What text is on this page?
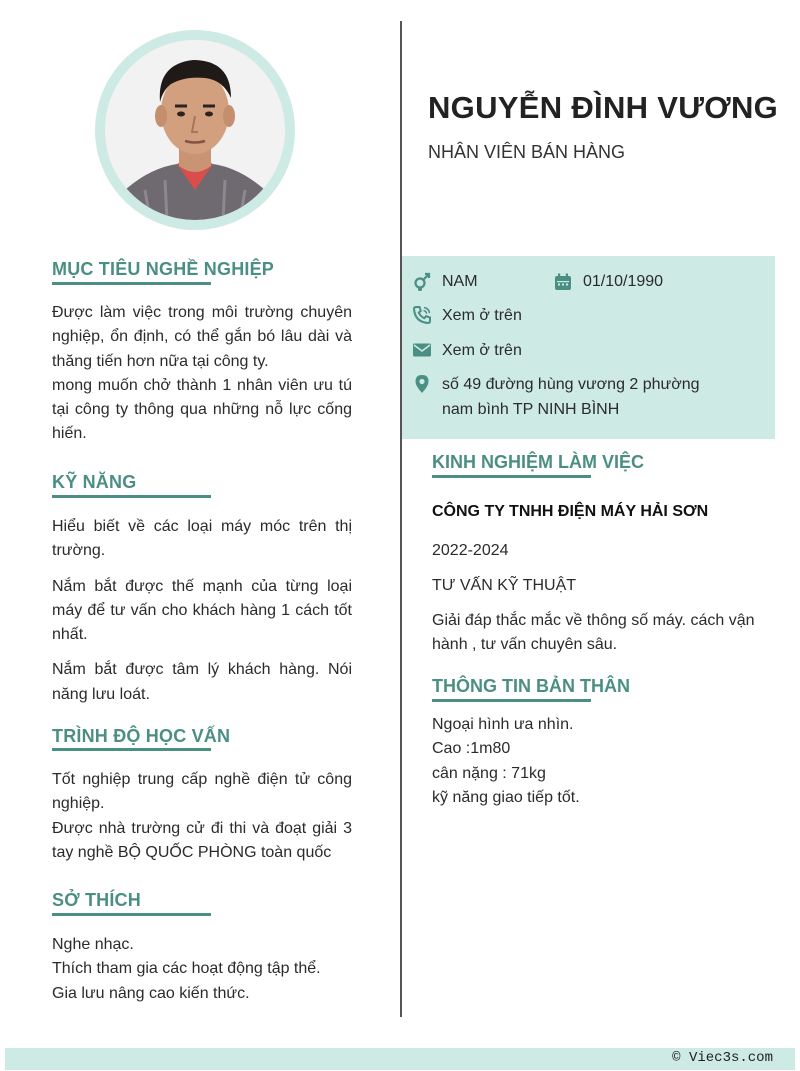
MỤC TIÊU NGHỀ NGHIỆP

Được làm việc trong môi trường chuyên nghiệp, ổn định, có thể gắn bó lâu dài và thăng tiến hơn nữa tại công ty.

mong muốn chở thành 1 nhân viên ưu tú tại công ty thông qua những nỗ lực cống hiến.

KỸ NĂNG

Hiểu biết về các loại máy móc trên thị trường.

Nắm bắt được thế mạnh của từng loại máy để tư vấn cho khách hàng 1 cách tốt nhất.

Nắm bắt được tâm lý khách hàng. Nói năng lưu loát.

TRÌNH ĐỘ HỌC VẤN

Tốt nghiệp trung cấp nghề điện tử công nghiệp.

Được nhà trường cử đi thi và đoạt giải 3 tay nghề BỘ QUỐC PHÒNG toàn quốc

SỞ THÍCH

Nghe nhạc.

Thích tham gia các hoạt động tập thể.

Gia lưu nâng cao kiến thức.

NGUYỄN ĐÌNH VƯƠNG
NHÂN VIÊN BÁN HÀNG
NAM	01/10/1990
Xem ở trên
Xem ở trên
số 49 đường hùng vương 2 phường
nam bình TP NINH BÌNH
KINH NGHIỆM LÀM VIỆC
CÔNG TY TNHH ĐIỆN MÁY HẢI SƠN
2022-2024
TƯ VẤN KỸ THUẬT
Giải đáp thắc mắc về thông số máy. cách vận hành , tư vấn chuyên sâu.
THÔNG TIN BẢN THÂN
Ngoại hình ưa nhìn.
Cao :1m80
cân nặng : 71kg
kỹ năng giao tiếp tốt.
© Viec3s.com
